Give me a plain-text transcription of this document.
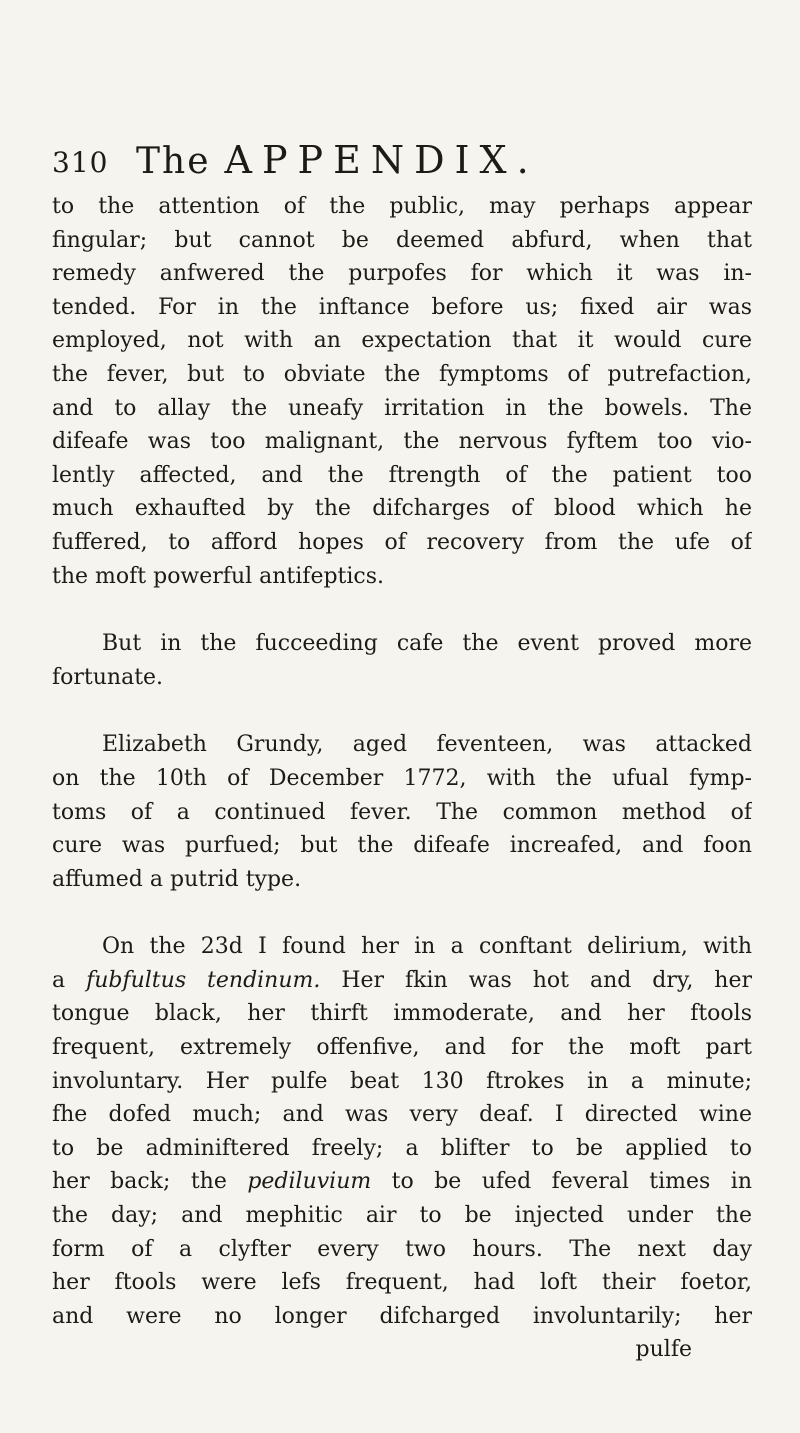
310 The APPENDIX.
to the attention of the public, may perhaps appear
fingular; but cannot be deemed abfurd, when that
remedy anfwered the purpofes for which it was in-
tended. For in the inftance before us; fixed air was
employed, not with an expectation that it would cure
the fever, but to obviate the fymptoms of putrefaction,
and to allay the uneafy irritation in the bowels. The
difeafe was too malignant, the nervous fyftem too vio-
lently affected, and the ftrength of the patient too
much exhaufted by the difcharges of blood which he
fuffered, to afford hopes of recovery from the ufe of
the moft powerful antifeptics.
But in the fucceeding cafe the event proved more
fortunate.
Elizabeth Grundy, aged feventeen, was attacked
on the 10th of December 1772, with the ufual fymp-
toms of a continued fever. The common method of
cure was purfued; but the difeafe increafed, and foon
affumed a putrid type.
On the 23d I found her in a conftant delirium, with
a fubfultus tendinum. Her fkin was hot and dry, her
tongue black, her thirft immoderate, and her ftools
frequent, extremely offenfive, and for the moft part
involuntary. Her pulfe beat 130 ftrokes in a minute;
fhe dofed much; and was very deaf. I directed wine
to be adminiftered freely; a blifter to be applied to
her back; the pediluvium to be ufed feveral times in
the day; and mephitic air to be injected under the
form of a clyfter every two hours. The next day
her ftools were lefs frequent, had loft their foetor,
and were no longer difcharged involuntarily; her
pulfe
